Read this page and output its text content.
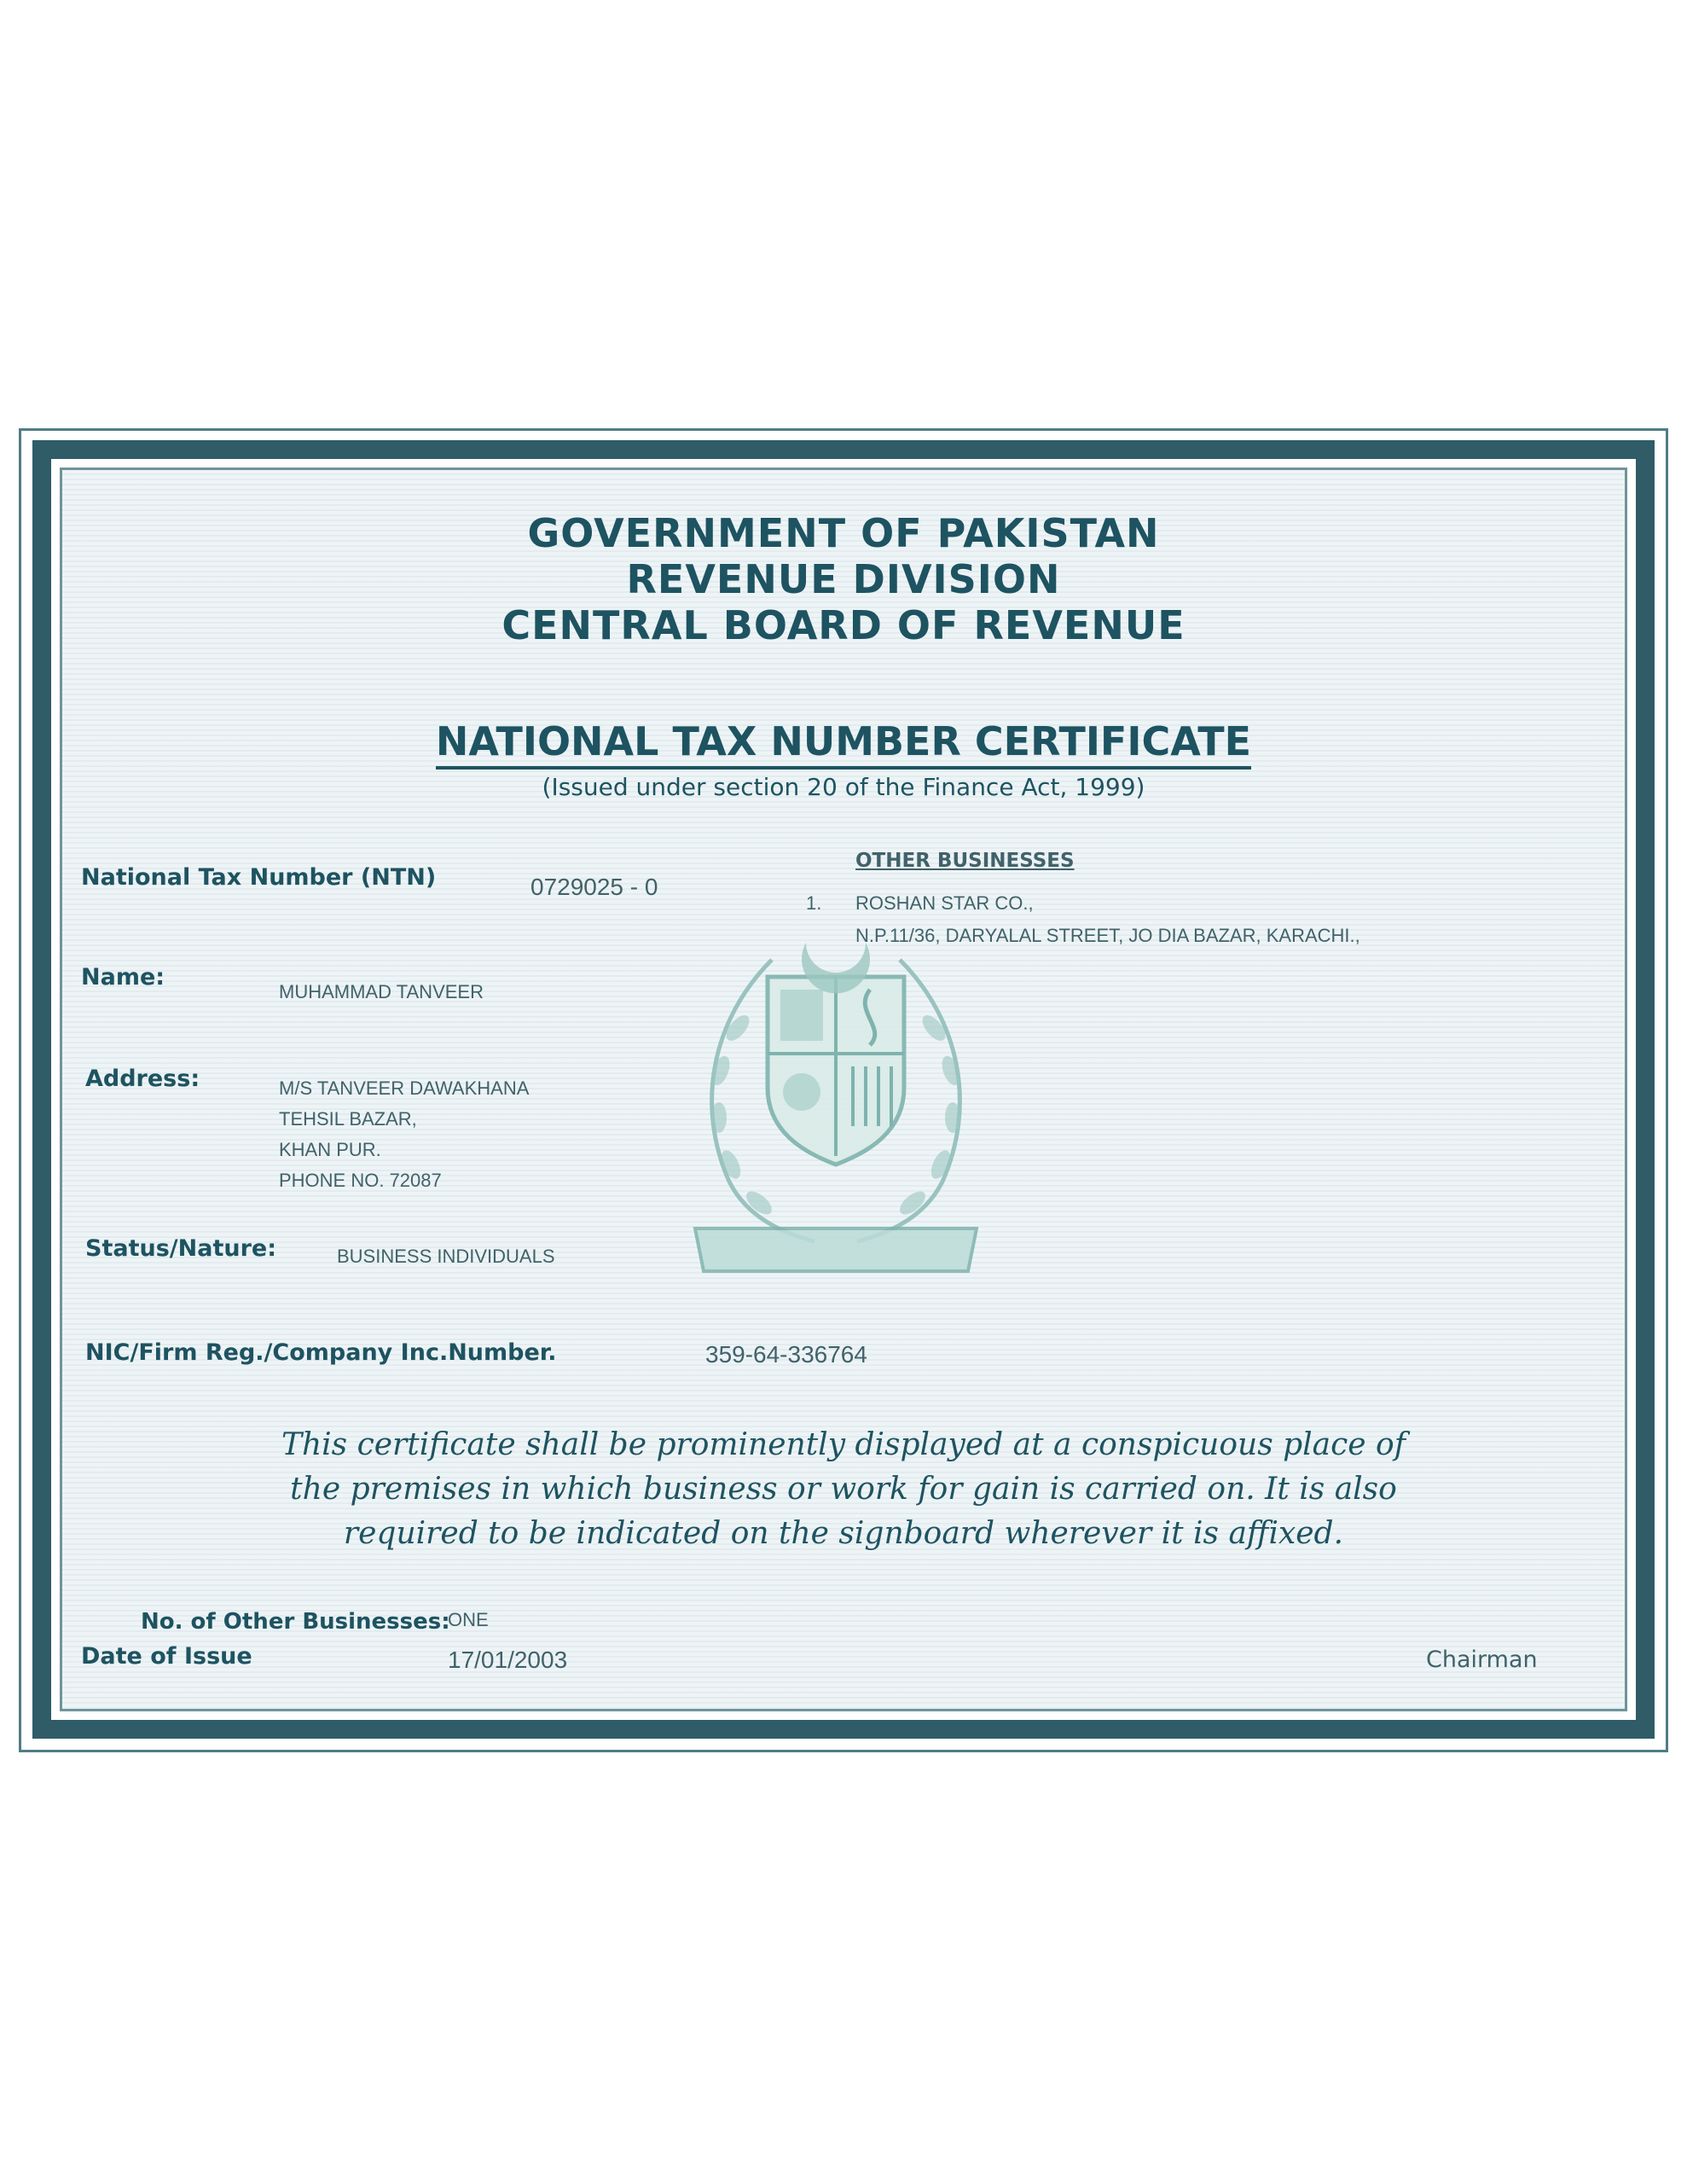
GOVERNMENT OF PAKISTAN
REVENUE DIVISION
CENTRAL BOARD OF REVENUE
NATIONAL TAX NUMBER CERTIFICATE
(Issued under section 20 of the Finance Act, 1999)
National Tax Number (NTN)	0729025 - 0
Name:
MUHAMMAD TANVEER
Address:	M/S TANVEER DAWAKHANA
TEHSIL BAZAR,
KHAN PUR.
PHONE NO. 72087
Status/Nature:	BUSINESS INDIVIDUALS
NIC/Firm Reg./Company Inc.Number.	359-64-336764
OTHER BUSINESSES
1. ROSHAN STAR CO.,
N.P.11/36, DARYALAL STREET, JO DIA BAZAR, KARACHI.,
This certificate shall be prominently displayed at a conspicuous place of
the premises in which business or work for gain is carried on. It is also
required to be indicated on the signboard wherever it is affixed.
No. of Other Businesses:
ONE
Date of Issue	17/01/2003	Chairman
